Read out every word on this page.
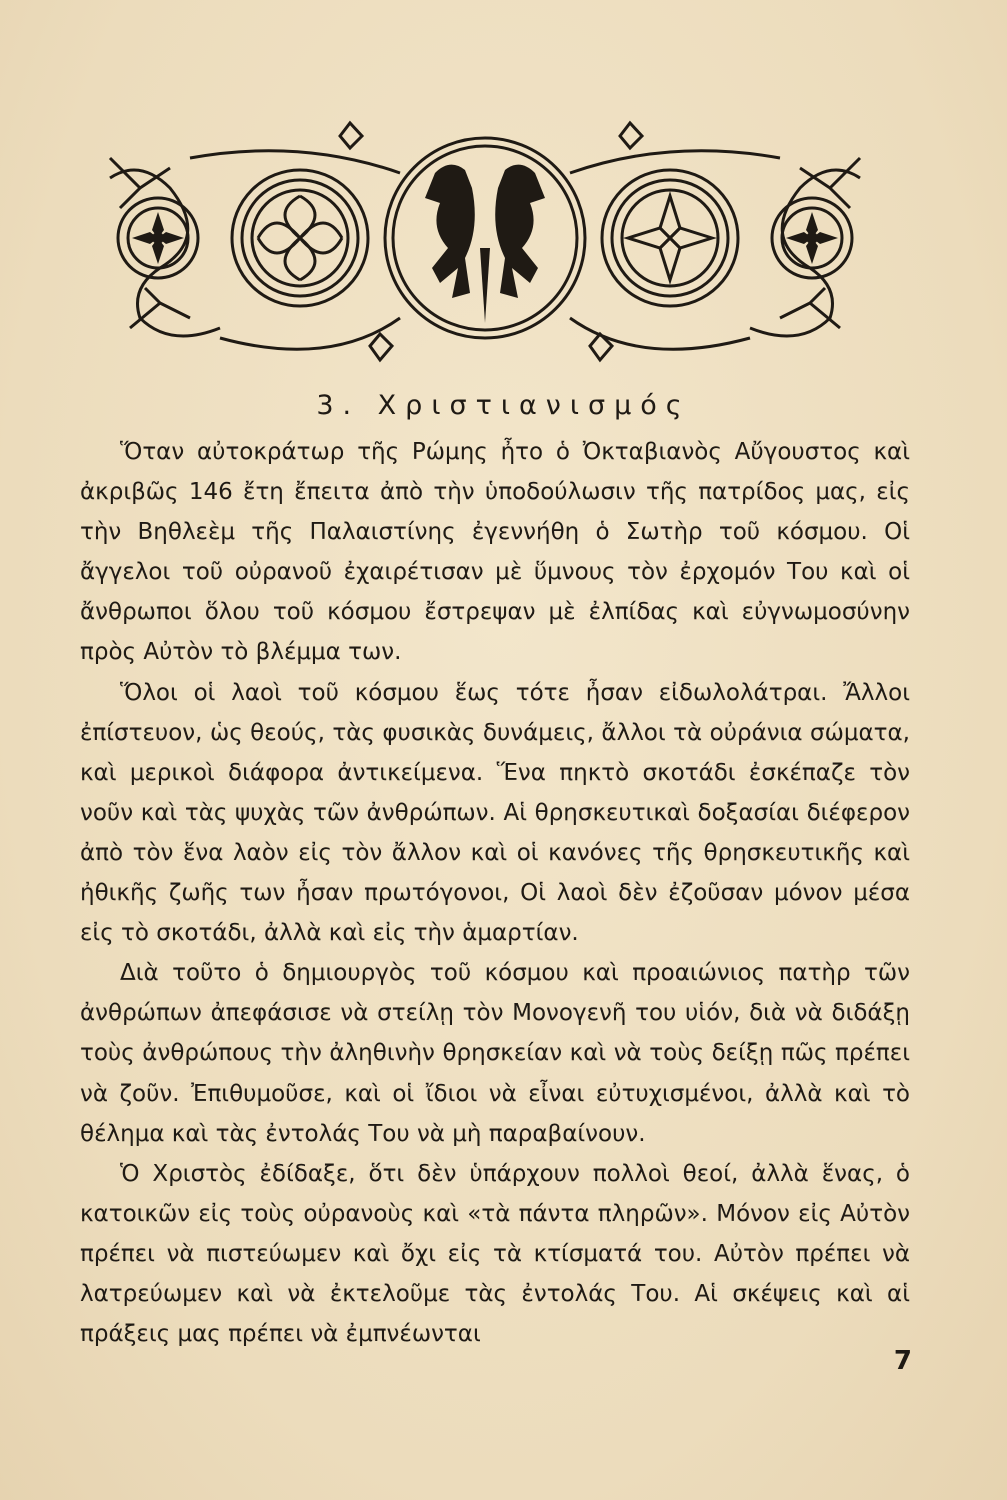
3. Χριστιανισμός

Ὅταν αὐτοκράτωρ τῆς Ρώμης ἦτο ὁ Ὀκταβιανὸς Αὔγουστος καὶ ἀκριβῶς 146 ἔτη ἔπειτα ἀπὸ τὴν ὑποδούλωσιν τῆς πατρίδος μας, εἰς τὴν Βηθλεὲμ τῆς Παλαιστίνης ἐγεννήθη ὁ Σωτὴρ τοῦ κόσμου. Οἱ ἄγγελοι τοῦ οὐρανοῦ ἐχαιρέτισαν μὲ ὕμνους τὸν ἐρχομόν Του καὶ οἱ ἄνθρωποι ὅλου τοῦ κόσμου ἔστρεψαν μὲ ἐλπίδας καὶ εὐγνωμοσύνην πρὸς Αὐτὸν τὸ βλέμμα των.

Ὅλοι οἱ λαοὶ τοῦ κόσμου ἕως τότε ἦσαν εἰδωλολάτραι. Ἄλλοι ἐπίστευον, ὡς θεούς, τὰς φυσικὰς δυνάμεις, ἄλλοι τὰ οὐράνια σώματα, καὶ μερικοὶ διάφορα ἀντικείμενα. Ἕνα πηκτὸ σκοτάδι ἐσκέπαζε τὸν νοῦν καὶ τὰς ψυχὰς τῶν ἀνθρώπων. Αἱ θρησκευτικαὶ δοξασίαι διέφερον ἀπὸ τὸν ἕνα λαὸν εἰς τὸν ἄλλον καὶ οἱ κανόνες τῆς θρησκευτικῆς καὶ ἠθικῆς ζωῆς των ἦσαν πρωτόγονοι, Οἱ λαοὶ δὲν ἐζοῦσαν μόνον μέσα εἰς τὸ σκοτάδι, ἀλλὰ καὶ εἰς τὴν ἁμαρτίαν.

Διὰ τοῦτο ὁ δημιουργὸς τοῦ κόσμου καὶ προαιώνιος πατὴρ τῶν ἀνθρώπων ἀπεφάσισε νὰ στείλῃ τὸν Μονογενῆ του υἱόν, διὰ νὰ διδάξῃ τοὺς ἀνθρώπους τὴν ἀληθινὴν θρησκείαν καὶ νὰ τοὺς δείξῃ πῶς πρέπει νὰ ζοῦν. Ἐπιθυμοῦσε, καὶ οἱ ἴδιοι νὰ εἶναι εὐτυχισμένοι, ἀλλὰ καὶ τὸ θέλημα καὶ τὰς ἐντολάς Του νὰ μὴ παραβαίνουν.

Ὁ Χριστὸς ἐδίδαξε, ὅτι δὲν ὑπάρχουν πολλοὶ θεοί, ἀλλὰ ἕνας, ὁ κατοικῶν εἰς τοὺς οὐρανοὺς καὶ «τὰ πάντα πληρῶν». Μόνον εἰς Αὐτὸν πρέπει νὰ πιστεύωμεν καὶ ὄχι εἰς τὰ κτίσματά του. Αὐτὸν πρέπει νὰ λατρεύωμεν καὶ νὰ ἐκτελοῦμε τὰς ἐντολάς Του. Αἱ σκέψεις καὶ αἱ πράξεις μας πρέπει νὰ ἐμπνέωνται

7
